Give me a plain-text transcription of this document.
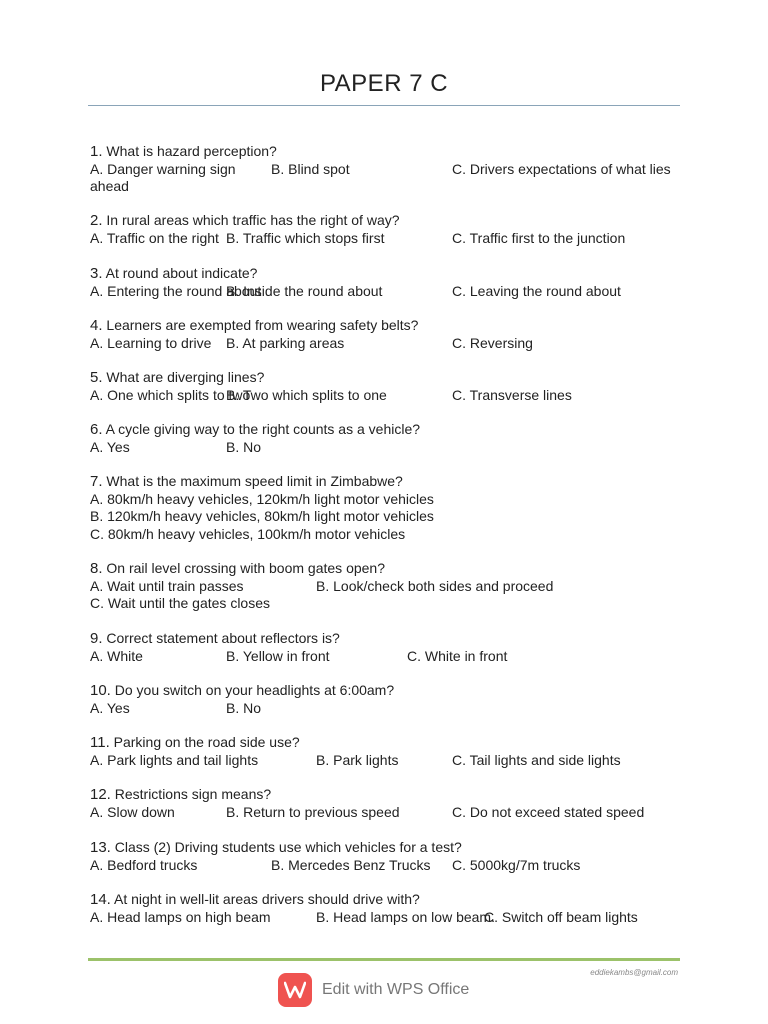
PAPER 7 C
1. What is hazard perception?
A. Danger warning sign	B. Blind spot	C. Drivers expectations of what lies
ahead
2. In rural areas which traffic has the right of way?
A. Traffic on the right B. Traffic which stops first	C. Traffic first to the junction
3. At round about indicate?
A. Entering the round about
B. Inside the round about	C. Leaving the round about
4. Learners are exempted from wearing safety belts?
A. Learning to drive B. At parking areas	C. Reversing
5. What are diverging lines?
A. One which splits to two
B. Two which splits to one	C. Transverse lines
6. A cycle giving way to the right counts as a vehicle?
A. Yes	B. No
7. What is the maximum speed limit in Zimbabwe?
A. 80km/h heavy vehicles, 120km/h light motor vehicles
B. 120km/h heavy vehicles, 80km/h light motor vehicles
C. 80km/h heavy vehicles, 100km/h motor vehicles
8. On rail level crossing with boom gates open?
A. Wait until train passes	B. Look/check both sides and proceed
C. Wait until the gates closes
9. Correct statement about reflectors is?
A. White	B. Yellow in front	C. White in front
10. Do you switch on your headlights at 6:00am?
A. Yes	B. No
11. Parking on the road side use?
A. Park lights and tail lights	B. Park lights	C. Tail lights and side lights
12. Restrictions sign means?
A. Slow down	B. Return to previous speed	C. Do not exceed stated speed
13. Class (2) Driving students use which vehicles for a test?
A. Bedford trucks	B. Mercedes Benz Trucks C. 5000kg/7m trucks
14. At night in well-lit areas drivers should drive with?
A. Head lamps on high beam	B. Head lamps on low beam.
C. Switch off beam lights
eddiekambs@gmail.com
Edit with WPS Office
